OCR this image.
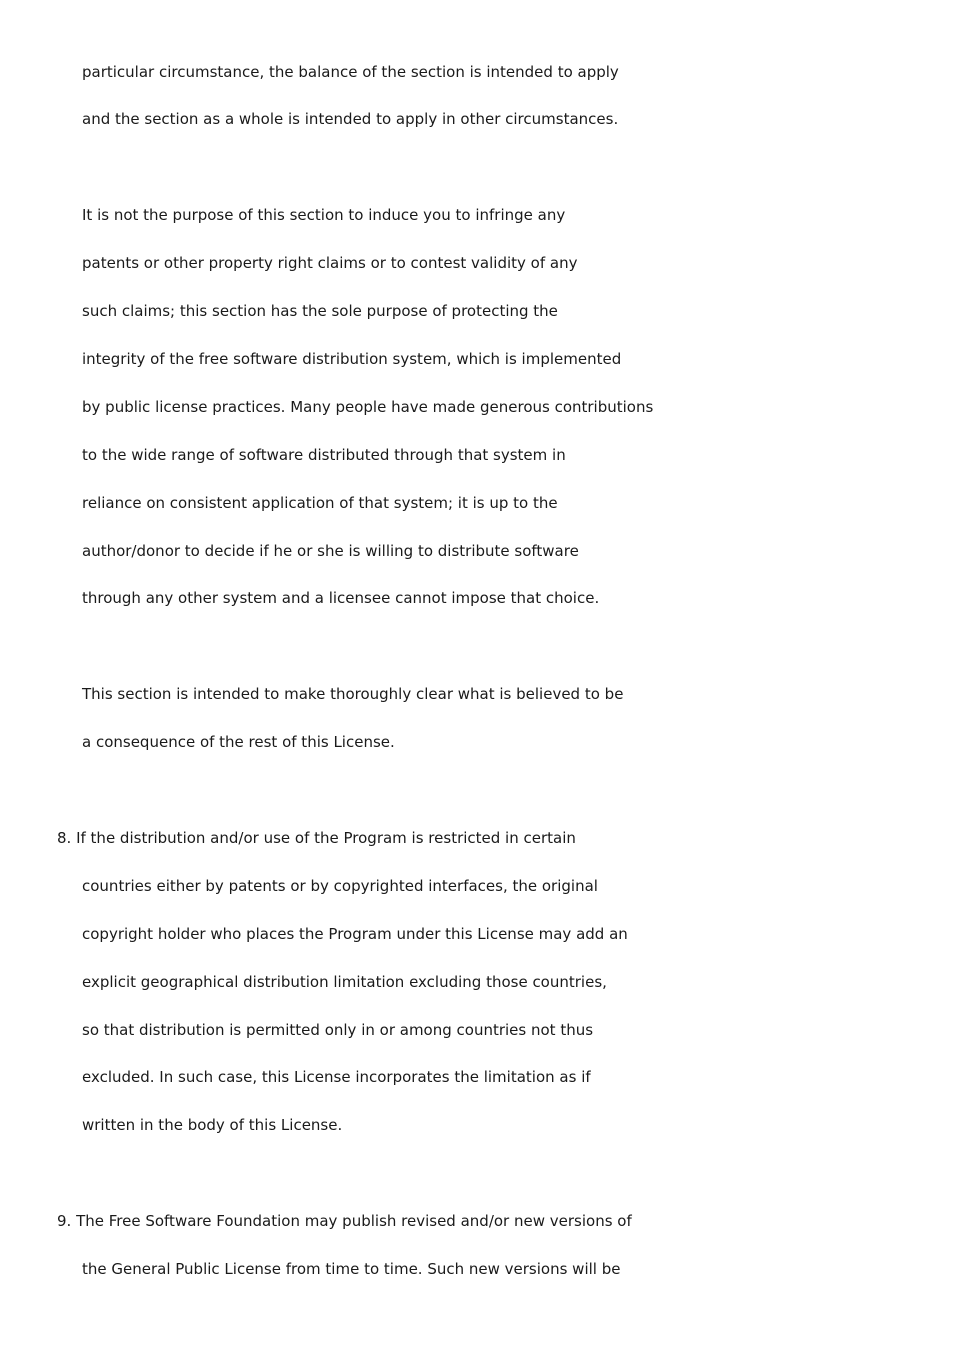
particular circumstance, the balance of the section is intended to apply
and the section as a whole is intended to apply in other circumstances.
It is not the purpose of this section to induce you to infringe any
patents or other property right claims or to contest validity of any
such claims; this section has the sole purpose of protecting the
integrity of the free software distribution system, which is implemented
by public license practices. Many people have made generous contributions
to the wide range of software distributed through that system in
reliance on consistent application of that system; it is up to the
author/donor to decide if he or she is willing to distribute software
through any other system and a licensee cannot impose that choice.
This section is intended to make thoroughly clear what is believed to be
a consequence of the rest of this License.
8. If the distribution and/or use of the Program is restricted in certain
countries either by patents or by copyrighted interfaces, the original
copyright holder who places the Program under this License may add an
explicit geographical distribution limitation excluding those countries,
so that distribution is permitted only in or among countries not thus
excluded. In such case, this License incorporates the limitation as if
written in the body of this License.
9. The Free Software Foundation may publish revised and/or new versions of
the General Public License from time to time. Such new versions will be
